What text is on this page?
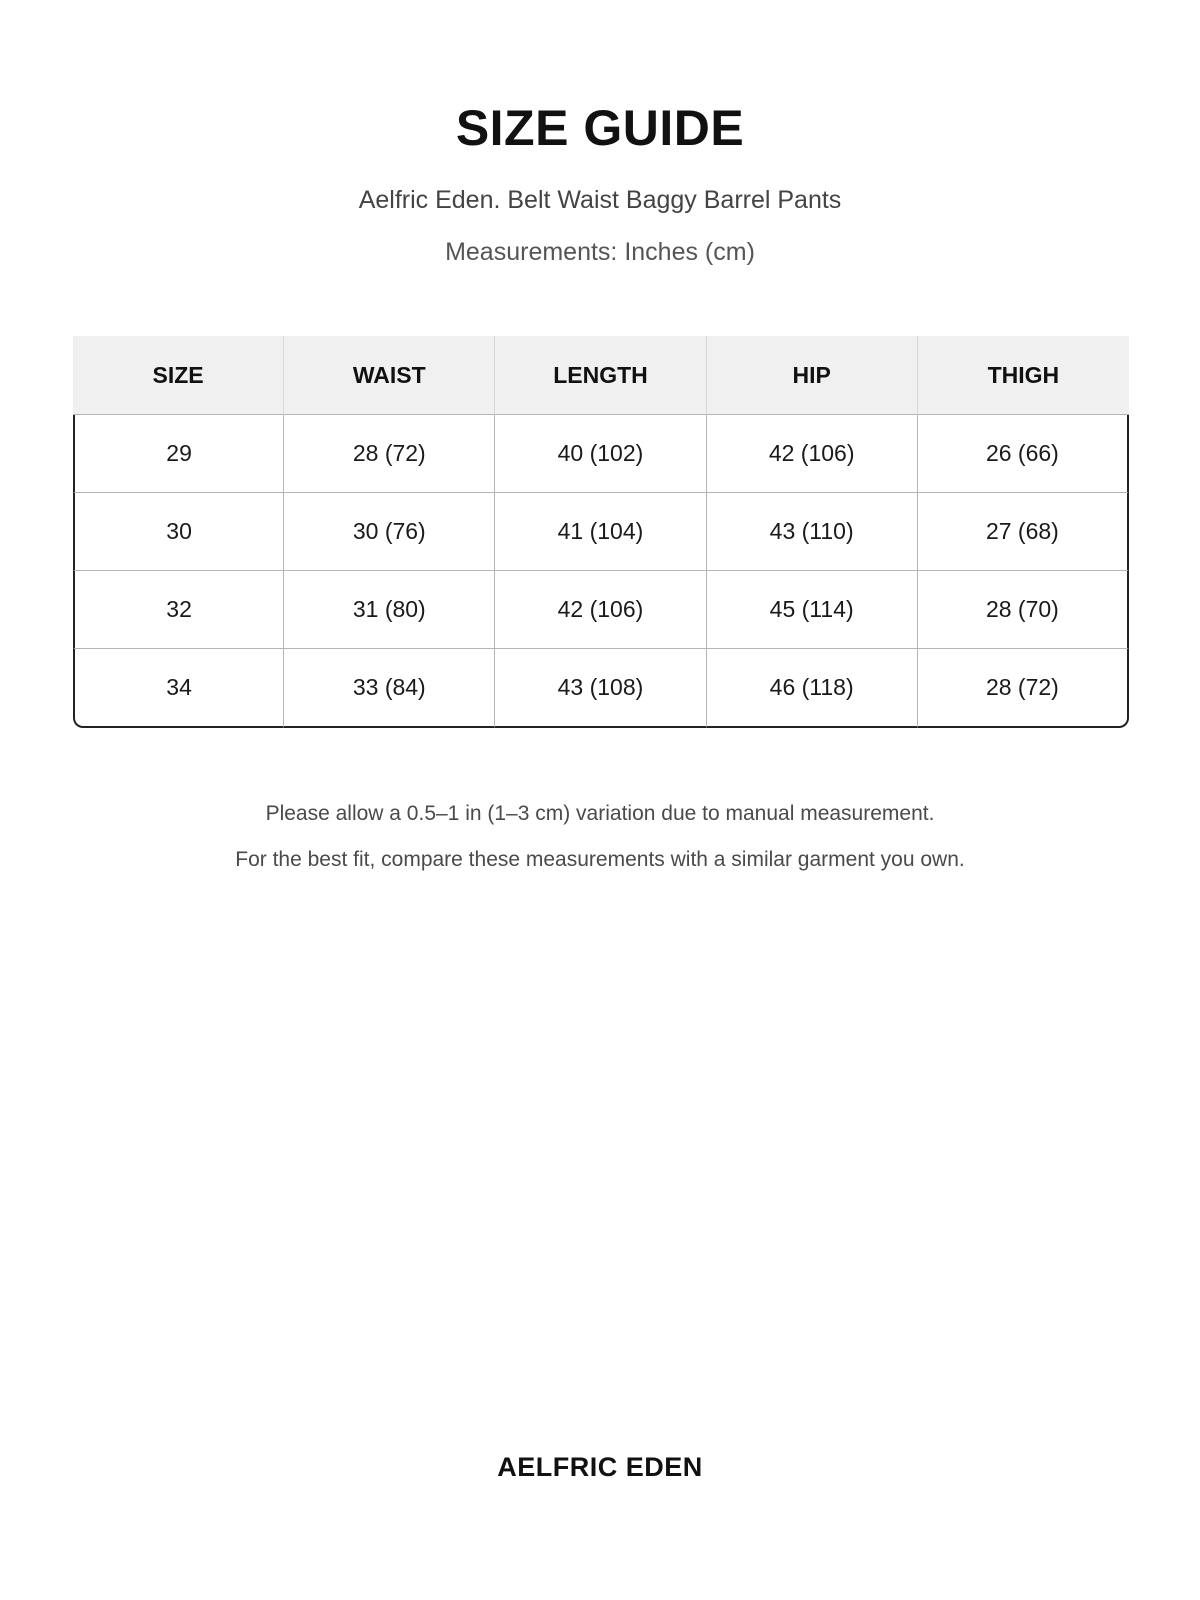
SIZE GUIDE
Aelfric Eden. Belt Waist Baggy Barrel Pants
Measurements: Inches (cm)
SIZE	WAIST	LENGTH	HIP	THIGH
29	28 (72)	40 (102)	42 (106)	26 (66)
30	30 (76)	41 (104)	43 (110)	27 (68)
32	31 (80)	42 (106)	45 (114)	28 (70)
34	33 (84)	43 (108)	46 (118)	28 (72)

Please allow a 0.5–1 in (1–3 cm) variation due to manual measurement.

For the best fit, compare these measurements with a similar garment you own.

AELFRIC EDEN
